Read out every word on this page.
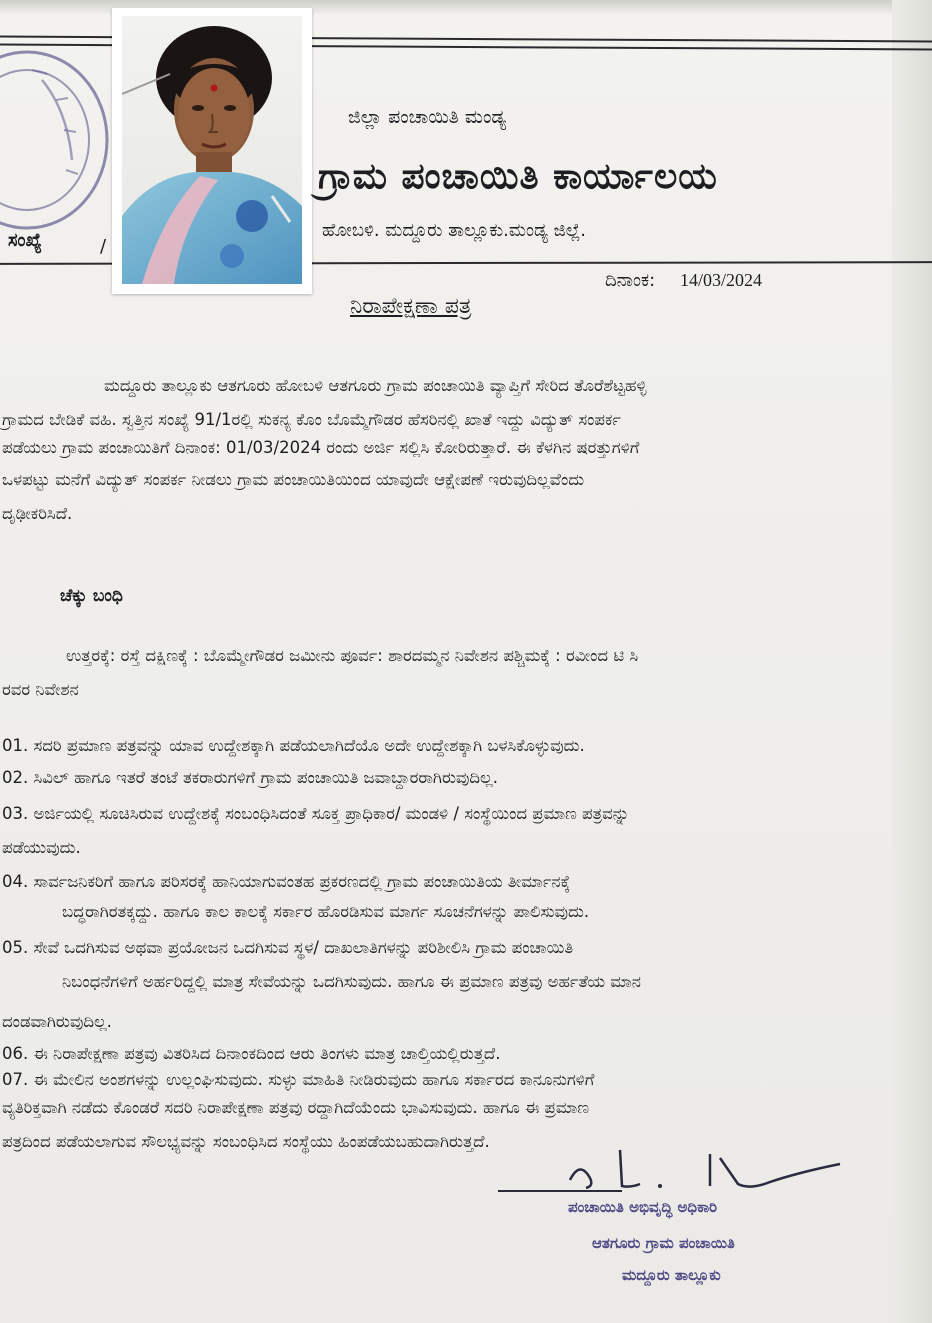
ಜಿಲ್ಲಾ ಪಂಚಾಯಿತಿ ಮಂಡ್ಯ
ಗ್ರಾಮ ಪಂಚಾಯಿತಿ ಕಾರ್ಯಾಲಯ
ಹೋಬಳಿ. ಮದ್ದೂರು ತಾಲ್ಲೂಕು.ಮಂಡ್ಯ ಜಿಲ್ಲೆ.
ಸಂಖ್ಯೆ	/
ದಿನಾಂಕ: 14/03/2024
ನಿರಾಪೇಕ್ಷಣಾ ಪತ್ರ
ಮದ್ದೂರು ತಾಲ್ಲೂಕು ಆತಗೂರು ಹೋಬಳಿ ಆತಗೂರು ಗ್ರಾಮ ಪಂಚಾಯಿತಿ ವ್ಯಾಪ್ತಿಗೆ ಸೇರಿದ ತೊರೆಶೆಟ್ಟಹಳ್ಳಿ
ಗ್ರಾಮದ ಬೇಡಿಕೆ ವಹಿ. ಸ್ವತ್ತಿನ ಸಂಖ್ಯೆ 91/1ರಲ್ಲಿ ಸುಕನ್ಯ ಕೊಂ ಬೊಮ್ಮೆಗೌಡರ ಹೆಸರಿನಲ್ಲಿ ಖಾತೆ ಇದ್ದು ವಿದ್ಯುತ್ ಸಂಪರ್ಕ
ಪಡೆಯಲು ಗ್ರಾಮ ಪಂಚಾಯಿತಿಗೆ ದಿನಾಂಕ: 01/03/2024 ರಂದು ಅರ್ಜಿ ಸಲ್ಲಿಸಿ ಕೋರಿರುತ್ತಾರೆ. ಈ ಕೆಳಗಿನ ಷರತ್ತುಗಳಿಗೆ
ಒಳಪಟ್ಟು ಮನೆಗೆ ವಿದ್ಯುತ್ ಸಂಪರ್ಕ ನೀಡಲು ಗ್ರಾಮ ಪಂಚಾಯಿತಿಯಿಂದ ಯಾವುದೇ ಆಕ್ಷೇಪಣೆ ಇರುವುದಿಲ್ಲವೆಂದು
ದೃಢೀಕರಿಸಿದೆ.
ಚೆಕ್ಕು ಬಂಧಿ
ಉತ್ತರಕ್ಕೆ: ರಸ್ತೆ ದಕ್ಷಿಣಕ್ಕೆ : ಬೊಮ್ಮೇಗೌಡರ ಜಮೀನು ಪೂರ್ವ: ಶಾರದಮ್ಮನ ನಿವೇಶನ ಪಶ್ಚಿಮಕ್ಕೆ : ರವೀಂದ ಟಿ ಸಿ
ರವರ ನಿವೇಶನ
01. ಸದರಿ ಪ್ರಮಾಣ ಪತ್ರವನ್ನು ಯಾವ ಉದ್ದೇಶಕ್ಕಾಗಿ ಪಡೆಯಲಾಗಿದೆಯೊ ಅದೇ ಉದ್ದೇಶಕ್ಕಾಗಿ ಬಳಸಿಕೊಳ್ಳುವುದು.
02. ಸಿವಿಲ್ ಹಾಗೂ ಇತರೆ ತಂಟೆ ತಕರಾರುಗಳಿಗೆ ಗ್ರಾಮ ಪಂಚಾಯಿತಿ ಜವಾಬ್ದಾರರಾಗಿರುವುದಿಲ್ಲ.
03. ಅರ್ಜಿಯಲ್ಲಿ ಸೂಚಿಸಿರುವ ಉದ್ದೇಶಕ್ಕೆ ಸಂಬಂಧಿಸಿದಂತೆ ಸೂಕ್ತ ಪ್ರಾಧಿಕಾರ/ ಮಂಡಳಿ / ಸಂಸ್ಥೆಯಿಂದ ಪ್ರಮಾಣ ಪತ್ರವನ್ನು
ಪಡೆಯುವುದು.
04. ಸಾರ್ವಜನಿಕರಿಗೆ ಹಾಗೂ ಪರಿಸರಕ್ಕೆ ಹಾನಿಯಾಗುವಂತಹ ಪ್ರಕರಣದಲ್ಲಿ ಗ್ರಾಮ ಪಂಚಾಯಿತಿಯ ತೀರ್ಮಾನಕ್ಕೆ
ಬದ್ಧರಾಗಿರತಕ್ಕದ್ದು. ಹಾಗೂ ಕಾಲ ಕಾಲಕ್ಕೆ ಸರ್ಕಾರ ಹೊರಡಿಸುವ ಮಾರ್ಗ ಸೂಚನೆಗಳನ್ನು ಪಾಲಿಸುವುದು.
05. ಸೇವೆ ಒದಗಿಸುವ ಅಥವಾ ಪ್ರಯೋಜನ ಒದಗಿಸುವ ಸ್ಥಳ/ ದಾಖಲಾತಿಗಳನ್ನು ಪರಿಶೀಲಿಸಿ ಗ್ರಾಮ ಪಂಚಾಯಿತಿ
ನಿಬಂಧನೆಗಳಿಗೆ ಅರ್ಹರಿದ್ದಲ್ಲಿ ಮಾತ್ರ ಸೇವೆಯನ್ನು ಒದಗಿಸುವುದು. ಹಾಗೂ ಈ ಪ್ರಮಾಣ ಪತ್ರವು ಅರ್ಹತೆಯ ಮಾನ
ದಂಡವಾಗಿರುವುದಿಲ್ಲ.
06. ಈ ನಿರಾಪೇಕ್ಷಣಾ ಪತ್ರವು ವಿತರಿಸಿದ ದಿನಾಂಕದಿಂದ ಆರು ತಿಂಗಳು ಮಾತ್ರ ಚಾಲ್ತಿಯಲ್ಲಿರುತ್ತದೆ.
07. ಈ ಮೇಲಿನ ಅಂಶಗಳನ್ನು ಉಲ್ಲಂಘಿಸುವುದು. ಸುಳ್ಳು ಮಾಹಿತಿ ನೀಡಿರುವುದು ಹಾಗೂ ಸರ್ಕಾರದ ಕಾನೂನುಗಳಿಗೆ
ವ್ಯತಿರಿಕ್ತವಾಗಿ ನಡೆದು ಕೊಂಡರೆ ಸದರಿ ನಿರಾಪೇಕ್ಷಣಾ ಪತ್ರವು ರದ್ದಾಗಿದೆಯೆಂದು ಭಾವಿಸುವುದು. ಹಾಗೂ ಈ ಪ್ರಮಾಣ
ಪತ್ರದಿಂದ ಪಡೆಯಲಾಗುವ ಸೌಲಭ್ಯವನ್ನು ಸಂಬಂಧಿಸಿದ ಸಂಸ್ಥೆಯು ಹಿಂಪಡೆಯಬಹುದಾಗಿರುತ್ತದೆ.
ಪಂಚಾಯಿತಿ ಅಭಿವೃದ್ಧಿ ಅಧಿಕಾರಿ
ಆತಗೂರು ಗ್ರಾಮ ಪಂಚಾಯಿತಿ
ಮದ್ದೂರು ತಾಲ್ಲೂಕು
